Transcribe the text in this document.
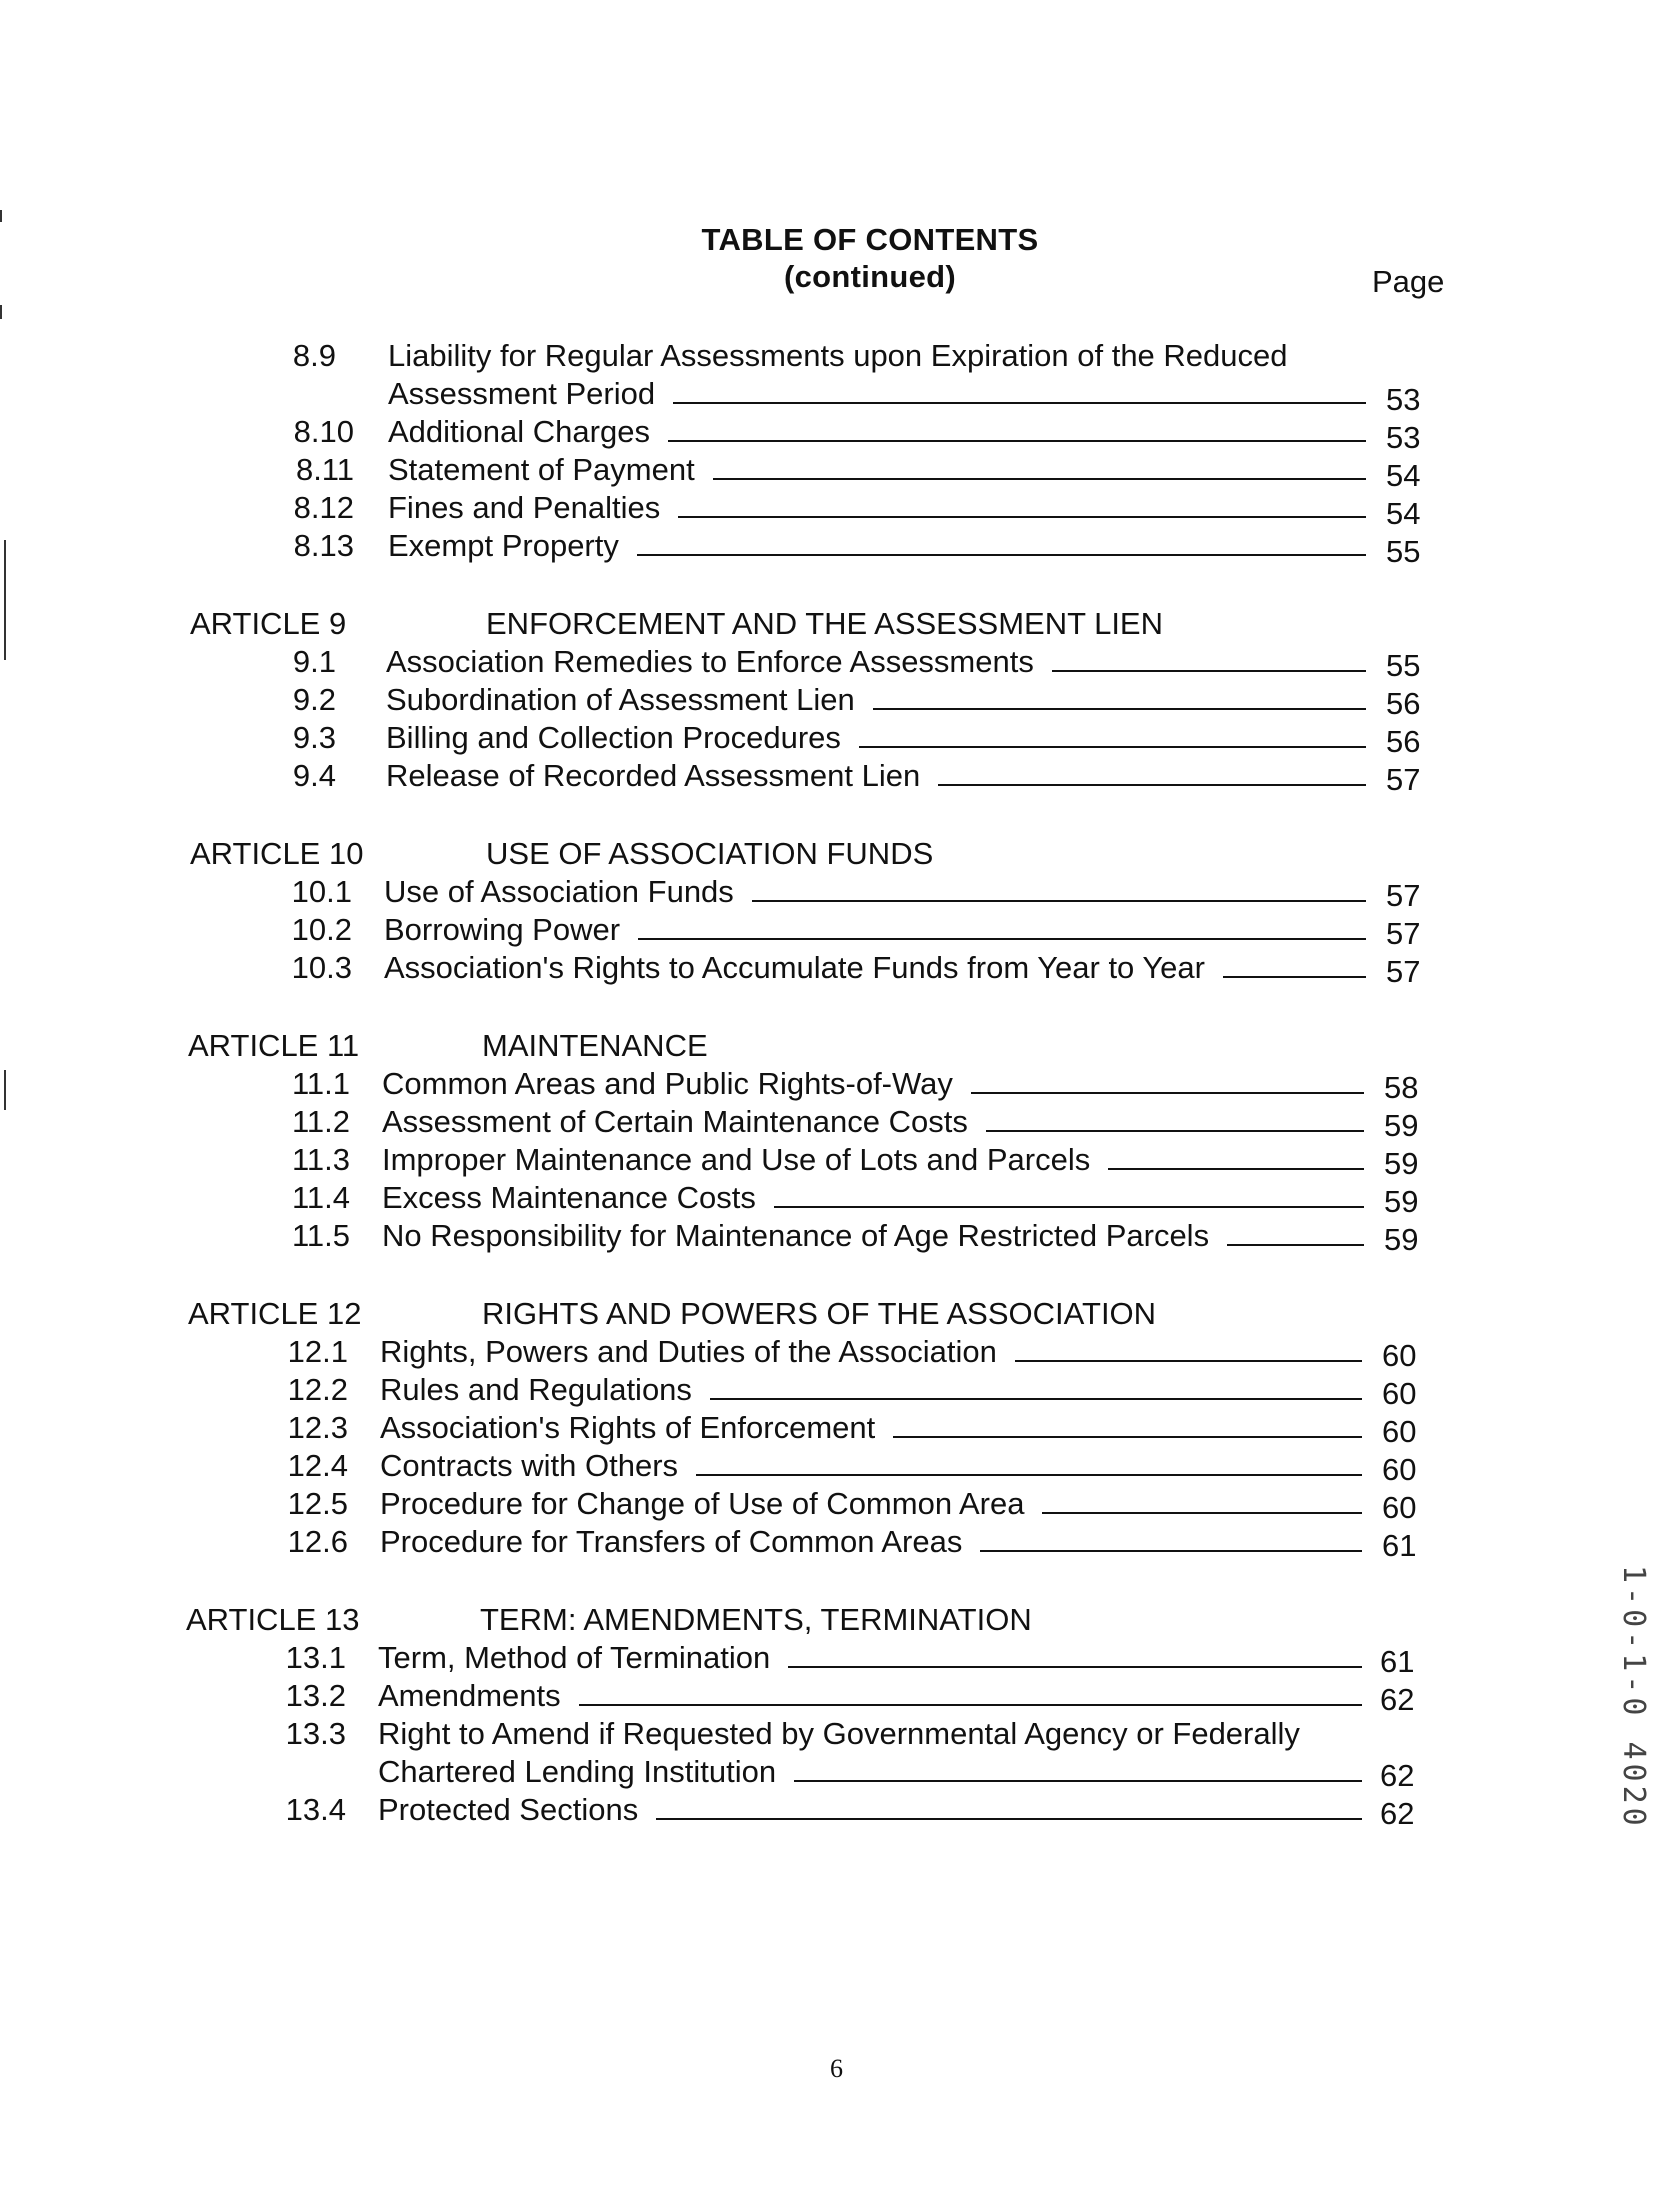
TABLE OF CONTENTS
(continued)	Page
8.9 Liability for Regular Assessments upon Expiration of the Reduced
Assessment Period	53
8.10 Additional Charges	53
8.11 Statement of Payment	54
8.12 Fines and Penalties	54
8.13 Exempt Property	55
ARTICLE 9	ENFORCEMENT AND THE ASSESSMENT LIEN
9.1 Association Remedies to Enforce Assessments	55
9.2 Subordination of Assessment Lien	56
9.3 Billing and Collection Procedures	56
9.4 Release of Recorded Assessment Lien	57
ARTICLE 10	USE OF ASSOCIATION FUNDS
10.1 Use of Association Funds	57
10.2 Borrowing Power	57
10.3 Association's Rights to Accumulate Funds from Year to Year	57
ARTICLE 11	MAINTENANCE
11.1 Common Areas and Public Rights-of-Way	58
11.2 Assessment of Certain Maintenance Costs	59
11.3 Improper Maintenance and Use of Lots and Parcels	59
11.4 Excess Maintenance Costs	59
11.5 No Responsibility for Maintenance of Age Restricted Parcels	59
ARTICLE 12	RIGHTS AND POWERS OF THE ASSOCIATION
12.1 Rights, Powers and Duties of the Association	60
12.2 Rules and Regulations	60
12.3 Association's Rights of Enforcement	60
12.4 Contracts with Others	60
12.5 Procedure for Change of Use of Common Area	60
12.6 Procedure for Transfers of Common Areas	61
ARTICLE 13	TERM: AMENDMENTS, TERMINATION
13.1 Term, Method of Termination	61
13.2 Amendments	62
13.3 Right to Amend if Requested by Governmental Agency or Federally
Chartered Lending Institution	62
13.4 Protected Sections	62
6
1-0-1-0 4020
